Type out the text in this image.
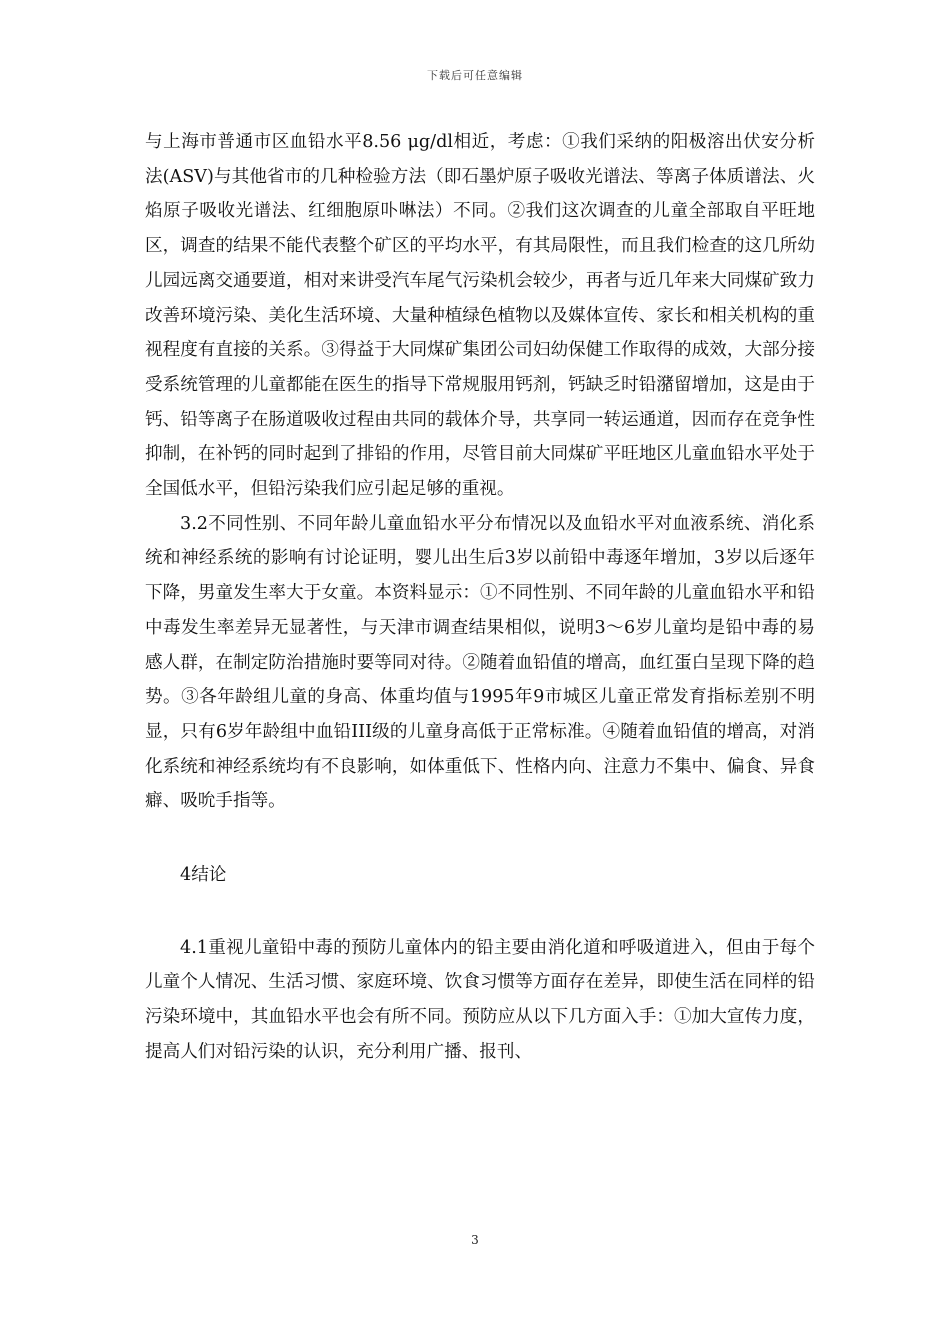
下载后可任意编辑

与上海市普通市区血铅水平8.56 μg/dl相近，考虑：①我们采纳的阳极溶出伏安分析法(ASV)与其他省市的几种检验方法（即石墨炉原子吸收光谱法、等离子体质谱法、火焰原子吸收光谱法、红细胞原卟啉法）不同。②我们这次调查的儿童全部取自平旺地区，调查的结果不能代表整个矿区的平均水平，有其局限性，而且我们检查的这几所幼儿园远离交通要道，相对来讲受汽车尾气污染机会较少，再者与近几年来大同煤矿致力改善环境污染、美化生活环境、大量种植绿色植物以及媒体宣传、家长和相关机构的重视程度有直接的关系。③得益于大同煤矿集团公司妇幼保健工作取得的成效，大部分接受系统管理的儿童都能在医生的指导下常规服用钙剂，钙缺乏时铅潴留增加，这是由于钙、铅等离子在肠道吸收过程由共同的载体介导，共享同一转运通道，因而存在竞争性抑制，在补钙的同时起到了排铅的作用，尽管目前大同煤矿平旺地区儿童血铅水平处于全国低水平，但铅污染我们应引起足够的重视。

3.2不同性别、不同年龄儿童血铅水平分布情况以及血铅水平对血液系统、消化系统和神经系统的影响有讨论证明，婴儿出生后3岁以前铅中毒逐年增加，3岁以后逐年下降，男童发生率大于女童。本资料显示：①不同性别、不同年龄的儿童血铅水平和铅中毒发生率差异无显著性，与天津市调查结果相似，说明3～6岁儿童均是铅中毒的易感人群，在制定防治措施时要等同对待。②随着血铅值的增高，血红蛋白呈现下降的趋势。③各年龄组儿童的身高、体重均值与1995年9市城区儿童正常发育指标差别不明显，只有6岁年龄组中血铅III级的儿童身高低于正常标准。④随着血铅值的增高，对消化系统和神经系统均有不良影响，如体重低下、性格内向、注意力不集中、偏食、异食癖、吸吮手指等。

4结论

4.1重视儿童铅中毒的预防儿童体内的铅主要由消化道和呼吸道进入，但由于每个儿童个人情况、生活习惯、家庭环境、饮食习惯等方面存在差异，即使生活在同样的铅污染环境中，其血铅水平也会有所不同。预防应从以下几方面入手：①加大宣传力度，提高人们对铅污染的认识，充分利用广播、报刊、

3
